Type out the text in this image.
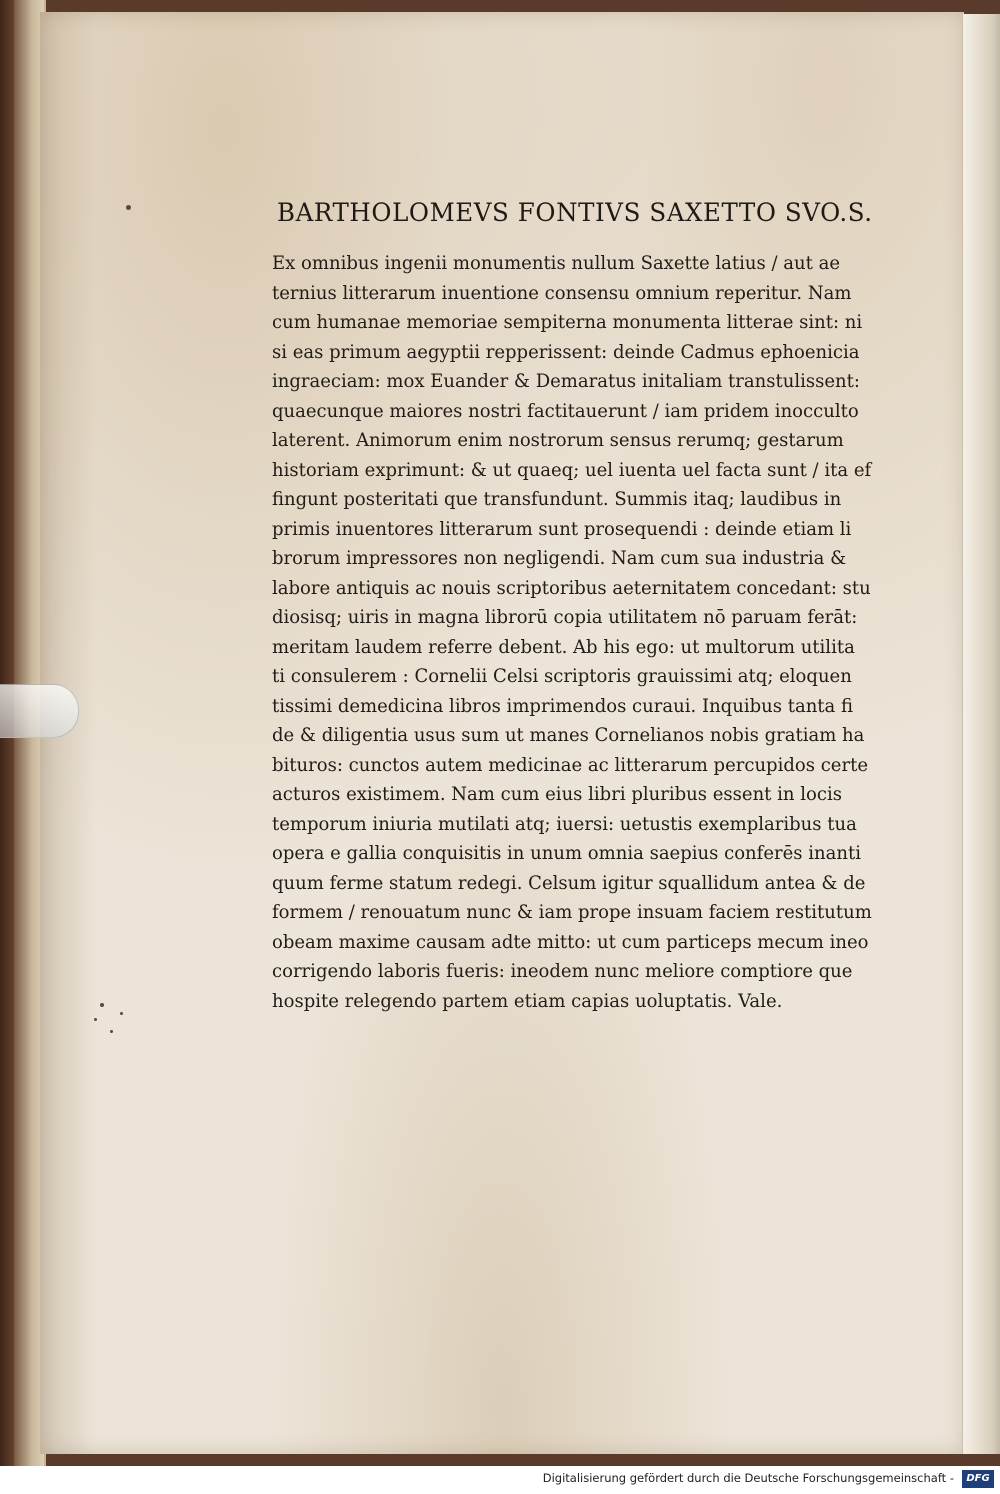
BARTHOLOMEVS FONTIVS SAXETTO SVO.S.
Ex omnibus ingenii monumentis nullum Saxette latius / aut ae
ternius litterarum inuentione consensu omnium reperitur. Nam
cum humanae memoriae sempiterna monumenta litterae sint: ni
si eas primum aegyptii repperissent: deinde Cadmus ephoenicia
ingraeciam: mox Euander & Demaratus initaliam transtulissent:
quaecunque maiores nostri factitauerunt / iam pridem inocculto
laterent. Animorum enim nostrorum sensus rerumq; gestarum
historiam exprimunt: & ut quaeq; uel iuenta uel facta sunt / ita ef
fingunt posteritati que transfundunt. Summis itaq; laudibus in
primis inuentores litterarum sunt prosequendi : deinde etiam li
brorum impressores non negligendi. Nam cum sua industria &
labore antiquis ac nouis scriptoribus aeternitatem concedant: stu
diosisq; uiris in magna librorū copia utilitatem nō paruam ferāt:
meritam laudem referre debent. Ab his ego: ut multorum utilita
ti consulerem : Cornelii Celsi scriptoris grauissimi atq; eloquen
tissimi demedicina libros imprimendos curaui. Inquibus tanta fi
de & diligentia usus sum ut manes Cornelianos nobis gratiam ha
bituros: cunctos autem medicinae ac litterarum percupidos certe
acturos existimem. Nam cum eius libri pluribus essent in locis
temporum iniuria mutilati atq; iuersi: uetustis exemplaribus tua
opera e gallia conquisitis in unum omnia saepius conferēs inanti
quum ferme statum redegi. Celsum igitur squallidum antea & de
formem / renouatum nunc & iam prope insuam faciem restitutum
obeam maxime causam adte mitto: ut cum particeps mecum ineo
corrigendo laboris fueris: ineodem nunc meliore comptiore que
hospite relegendo partem etiam capias uoluptatis. Vale.
Digitalisierung gefördert durch die Deutsche Forschungsgemeinschaft -	DFG
